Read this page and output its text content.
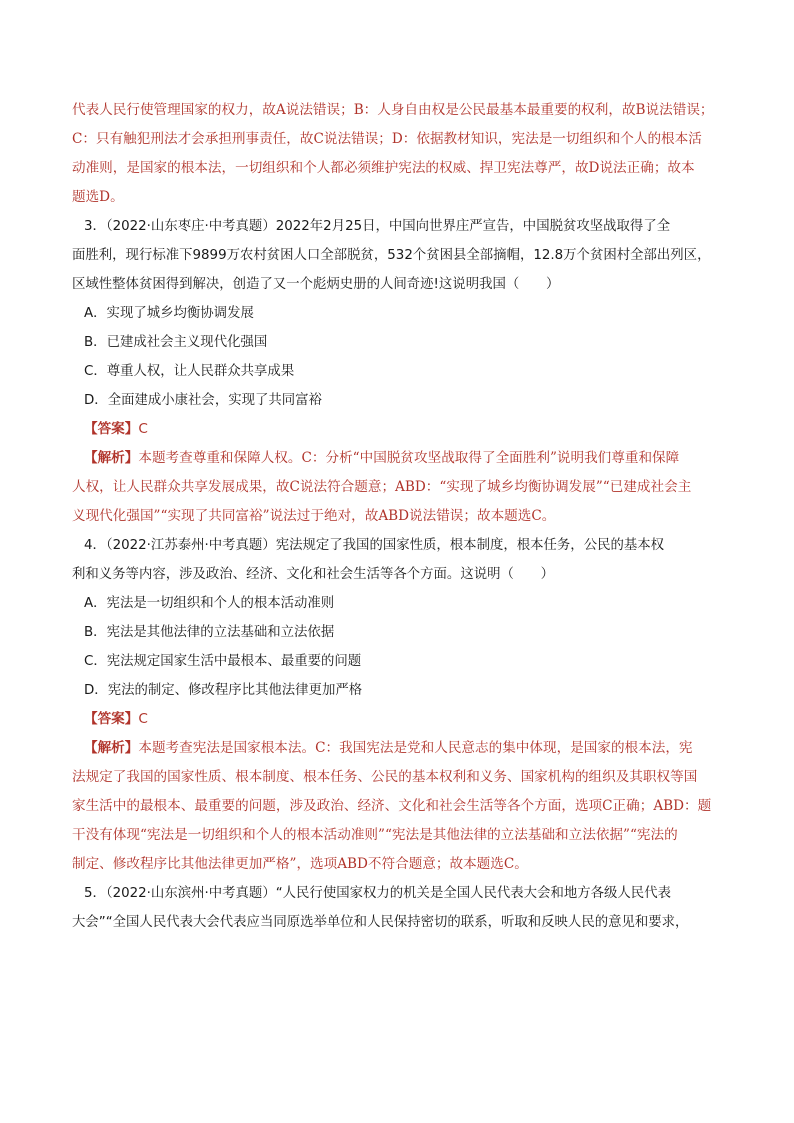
代表人民行使管理国家的权力，故A说法错误；B：人身自由权是公民最基本最重要的权利，故B说法错误；
C：只有触犯刑法才会承担刑事责任，故C说法错误；D：依据教材知识，宪法是一切组织和个人的根本活
动准则，是国家的根本法，一切组织和个人都必须维护宪法的权威、捍卫宪法尊严，故D说法正确；故本
题选D。
3．（2022·山东枣庄·中考真题）2022年2月25日，中国向世界庄严宣告，中国脱贫攻坚战取得了全
面胜利，现行标准下9899万农村贫困人口全部脱贫，532个贫困县全部摘帽，12.8万个贫困村全部出列区，
区域性整体贫困得到解决，创造了又一个彪炳史册的人间奇迹!这说明我国（　　）
A．实现了城乡均衡协调发展
B．已建成社会主义现代化强国
C．尊重人权，让人民群众共享成果
D．全面建成小康社会，实现了共同富裕
【答案】C
【解析】本题考查尊重和保障人权。C：分析“中国脱贫攻坚战取得了全面胜利”说明我们尊重和保障
人权，让人民群众共享发展成果，故C说法符合题意；ABD：“实现了城乡均衡协调发展”“已建成社会主
义现代化强国”“实现了共同富裕”说法过于绝对，故ABD说法错误；故本题选C。
4．（2022·江苏泰州·中考真题）宪法规定了我国的国家性质，根本制度，根本任务，公民的基本权
利和义务等内容，涉及政治、经济、文化和社会生活等各个方面。这说明（　　）
A．宪法是一切组织和个人的根本活动准则
B．宪法是其他法律的立法基础和立法依据
C．宪法规定国家生活中最根本、最重要的问题
D．宪法的制定、修改程序比其他法律更加严格
【答案】C
【解析】本题考查宪法是国家根本法。C：我国宪法是党和人民意志的集中体现，是国家的根本法，宪
法规定了我国的国家性质、根本制度、根本任务、公民的基本权利和义务、国家机构的组织及其职权等国
家生活中的最根本、最重要的问题，涉及政治、经济、文化和社会生活等各个方面，选项C正确；ABD：题
干没有体现“宪法是一切组织和个人的根本活动准则”“宪法是其他法律的立法基础和立法依据”“宪法的
制定、修改程序比其他法律更加严格”，选项ABD不符合题意；故本题选C。
5．（2022·山东滨州·中考真题）“人民行使国家权力的机关是全国人民代表大会和地方各级人民代表
大会”“全国人民代表大会代表应当同原选举单位和人民保持密切的联系，听取和反映人民的意见和要求，
